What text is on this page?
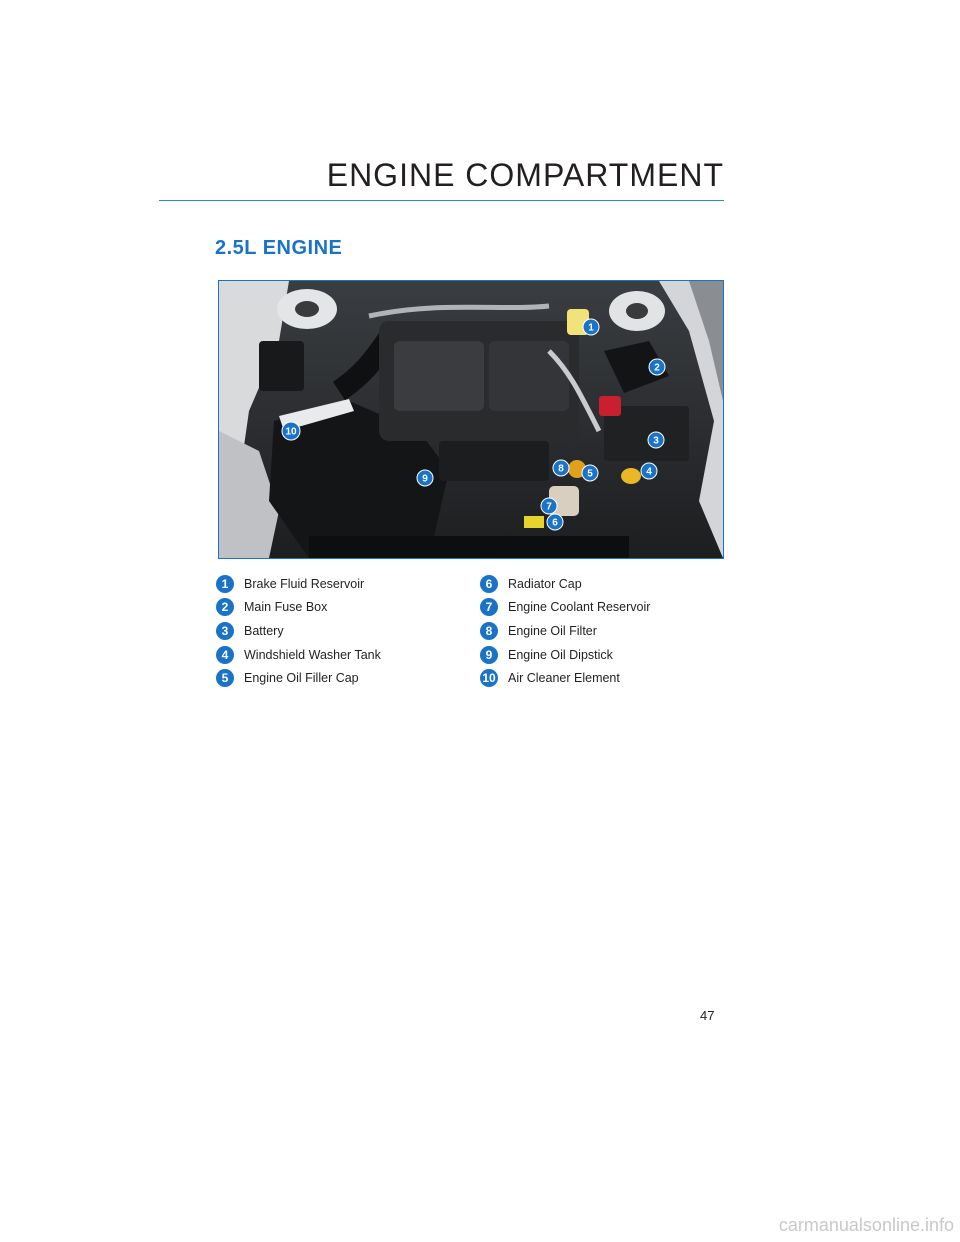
ENGINE COMPARTMENT
2.5L ENGINE
1
2
3
4
5
6
7
8
9
10
1	Brake Fluid Reservoir
2	Main Fuse Box
3	Battery
4	Windshield Washer Tank
5	Engine Oil Filler Cap
6	Radiator Cap
7	Engine Coolant Reservoir
8	Engine Oil Filter
9	Engine Oil Dipstick
10 Air Cleaner Element
47
carmanualsonline.info
